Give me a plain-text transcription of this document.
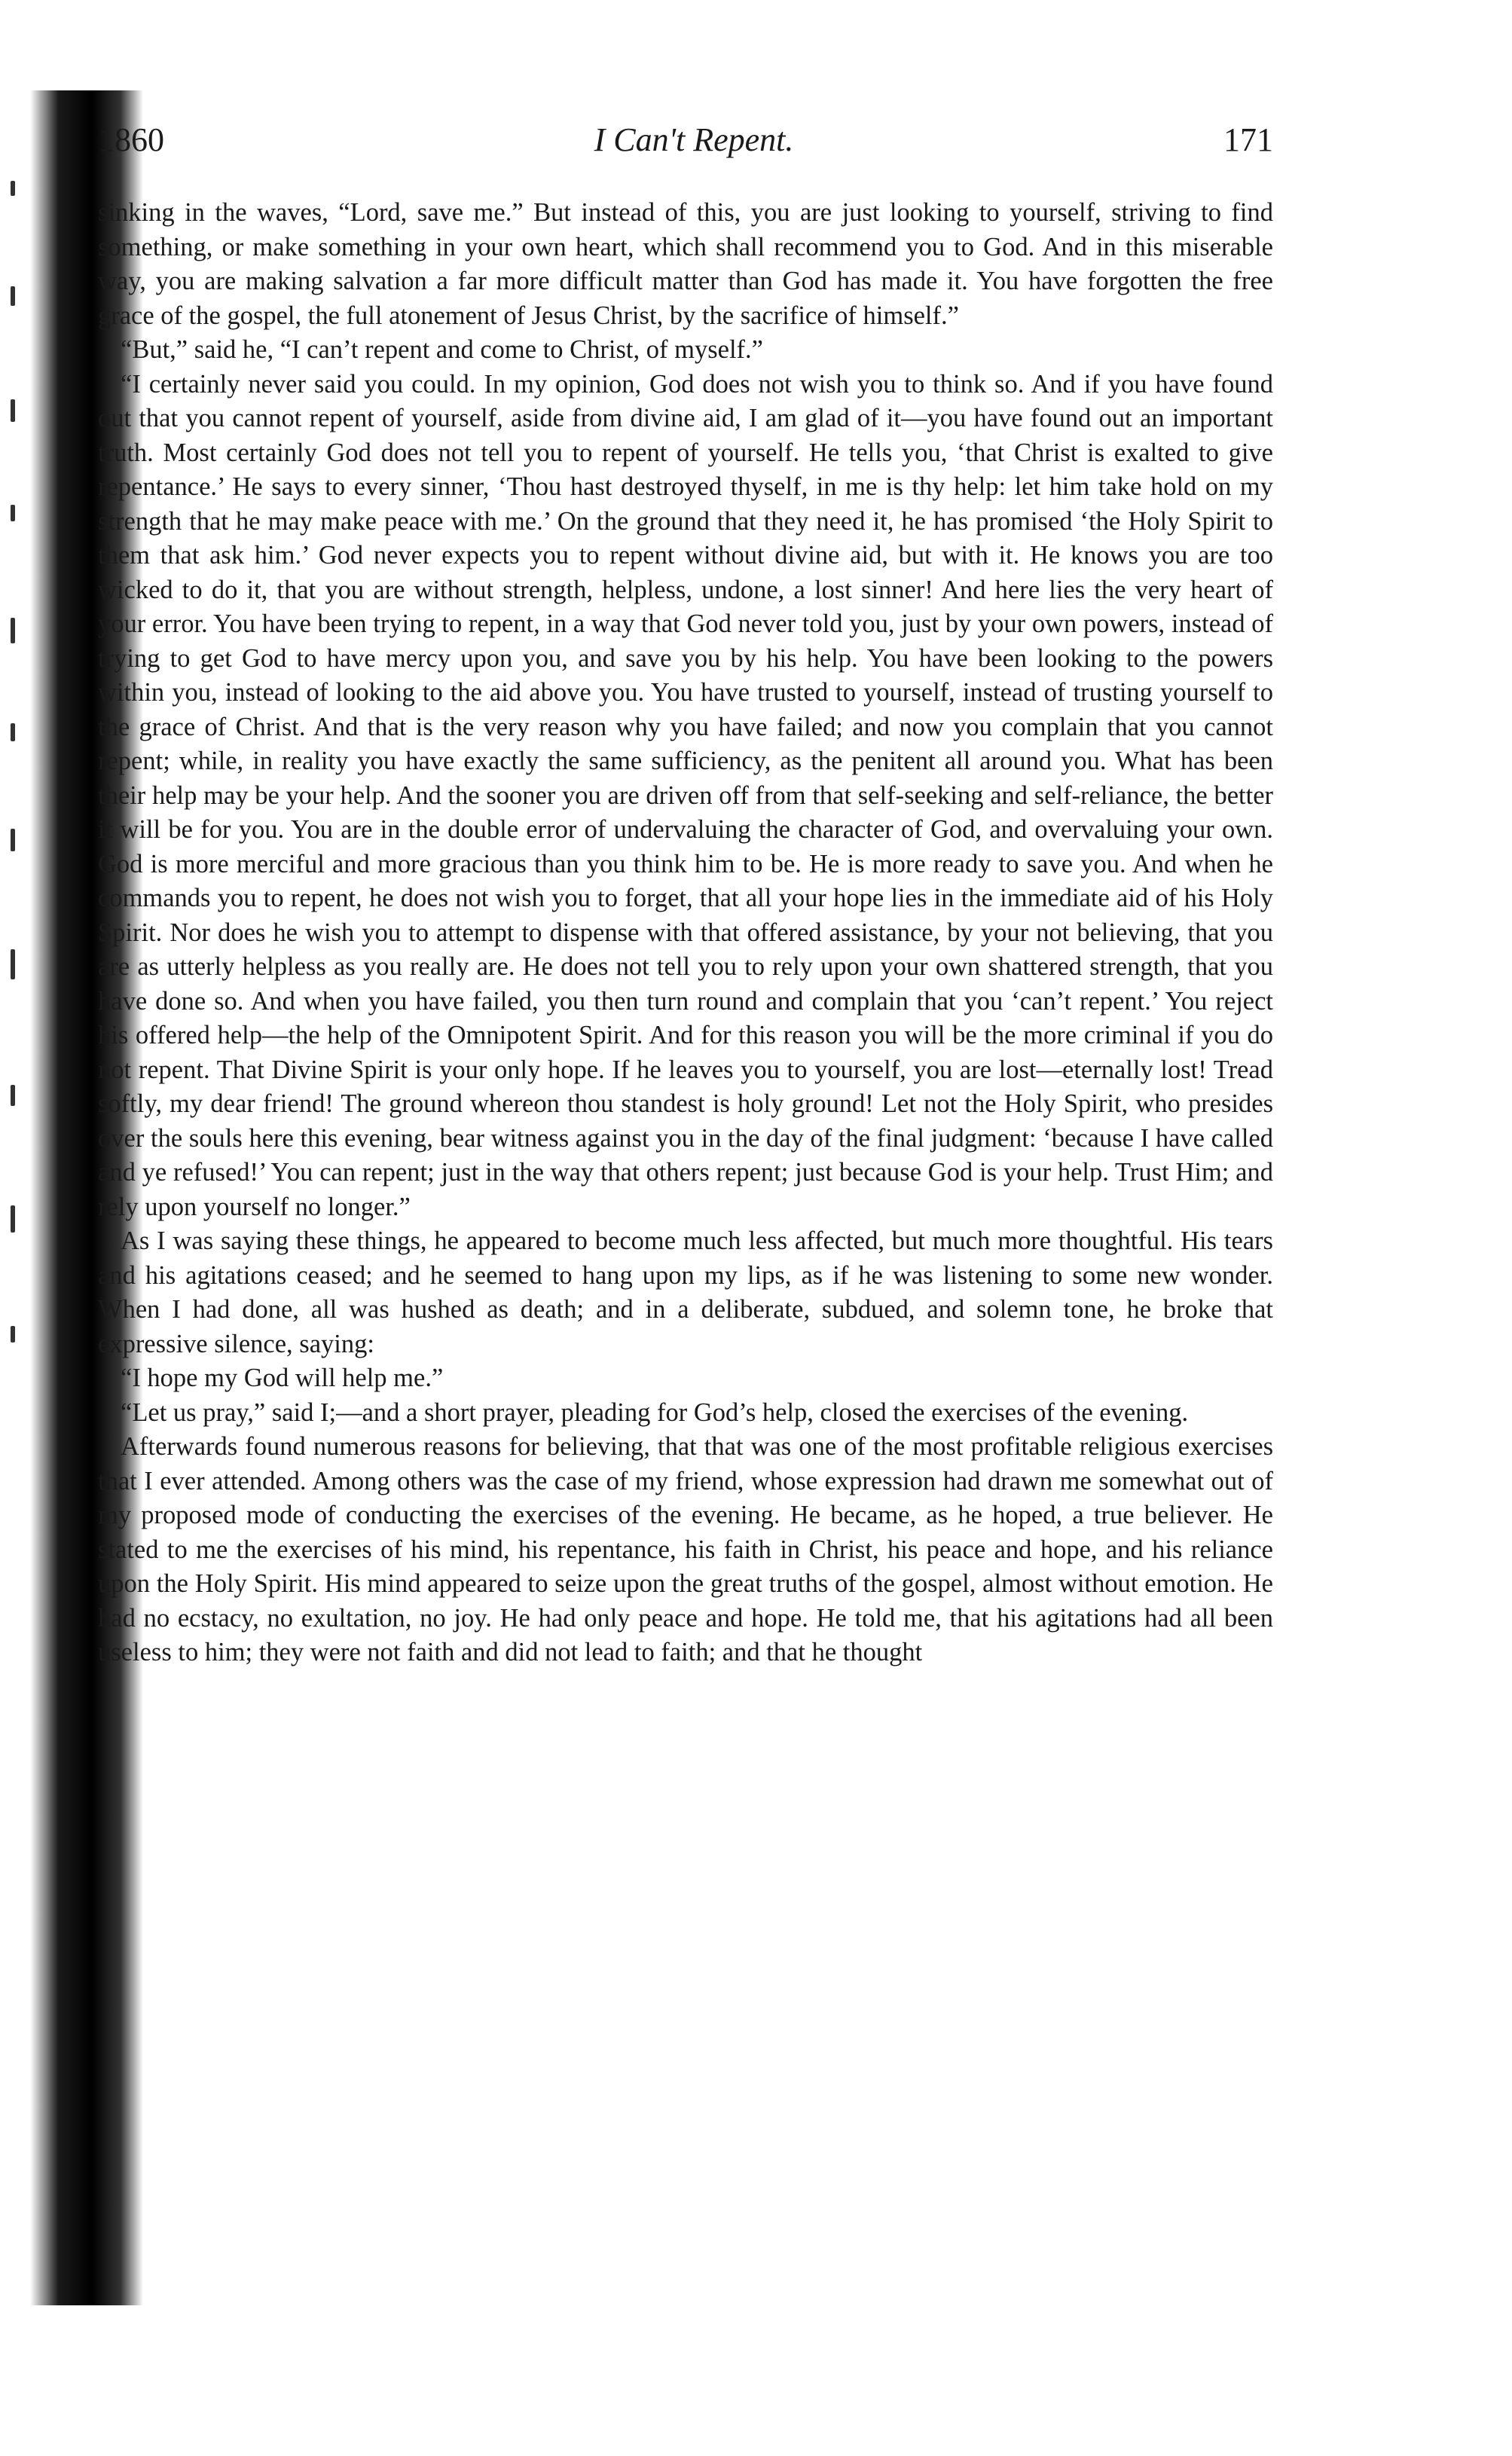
1860	I Can't Repent.	171

sinking in the waves, “Lord, save me.” But instead of this, you are just looking to yourself, striving to find something, or make something in your own heart, which shall recommend you to God. And in this miserable way, you are making salvation a far more difficult matter than God has made it. You have forgotten the free grace of the gospel, the full atonement of Jesus Christ, by the sacrifice of himself.”

“But,” said he, “I can’t repent and come to Christ, of myself.”

“I certainly never said you could. In my opinion, God does not wish you to think so. And if you have found out that you cannot repent of yourself, aside from divine aid, I am glad of it—you have found out an important truth. Most certainly God does not tell you to repent of yourself. He tells you, ‘that Christ is exalted to give repentance.’ He says to every sinner, ‘Thou hast destroyed thyself, in me is thy help: let him take hold on my strength that he may make peace with me.’ On the ground that they need it, he has promised ‘the Holy Spirit to them that ask him.’ God never expects you to repent without divine aid, but with it. He knows you are too wicked to do it, that you are without strength, helpless, undone, a lost sinner! And here lies the very heart of your error. You have been trying to repent, in a way that God never told you, just by your own powers, instead of trying to get God to have mercy upon you, and save you by his help. You have been looking to the powers within you, instead of looking to the aid above you. You have trusted to yourself, instead of trusting yourself to the grace of Christ. And that is the very reason why you have failed; and now you complain that you cannot repent; while, in reality you have exactly the same sufficiency, as the penitent all around you. What has been their help may be your help. And the sooner you are driven off from that self-seeking and self-reliance, the better it will be for you. You are in the double error of undervaluing the character of God, and overvaluing your own. God is more merciful and more gracious than you think him to be. He is more ready to save you. And when he commands you to repent, he does not wish you to forget, that all your hope lies in the immediate aid of his Holy Spirit. Nor does he wish you to attempt to dispense with that offered assistance, by your not believing, that you are as utterly helpless as you really are. He does not tell you to rely upon your own shattered strength, that you have done so. And when you have failed, you then turn round and complain that you ‘can’t repent.’ You reject his offered help—the help of the Omnipotent Spirit. And for this reason you will be the more criminal if you do not repent. That Divine Spirit is your only hope. If he leaves you to yourself, you are lost—eternally lost! Tread softly, my dear friend! The ground whereon thou standest is holy ground! Let not the Holy Spirit, who presides over the souls here this evening, bear witness against you in the day of the final judgment: ‘because I have called and ye refused!’ You can repent; just in the way that others repent; just because God is your help. Trust Him; and rely upon yourself no longer.”

As I was saying these things, he appeared to become much less affected, but much more thoughtful. His tears and his agitations ceased; and he seemed to hang upon my lips, as if he was listening to some new wonder. When I had done, all was hushed as death; and in a deliberate, subdued, and solemn tone, he broke that expressive silence, saying:

“I hope my God will help me.”

“Let us pray,” said I;—and a short prayer, pleading for God’s help, closed the exercises of the evening.

Afterwards found numerous reasons for believing, that that was one of the most profitable religious exercises that I ever attended. Among others was the case of my friend, whose expression had drawn me somewhat out of my proposed mode of conducting the exercises of the evening. He became, as he hoped, a true believer. He stated to me the exercises of his mind, his repentance, his faith in Christ, his peace and hope, and his reliance upon the Holy Spirit. His mind appeared to seize upon the great truths of the gospel, almost without emotion. He had no ecstacy, no exultation, no joy. He had only peace and hope. He told me, that his agitations had all been useless to him; they were not faith and did not lead to faith; and that he thought
